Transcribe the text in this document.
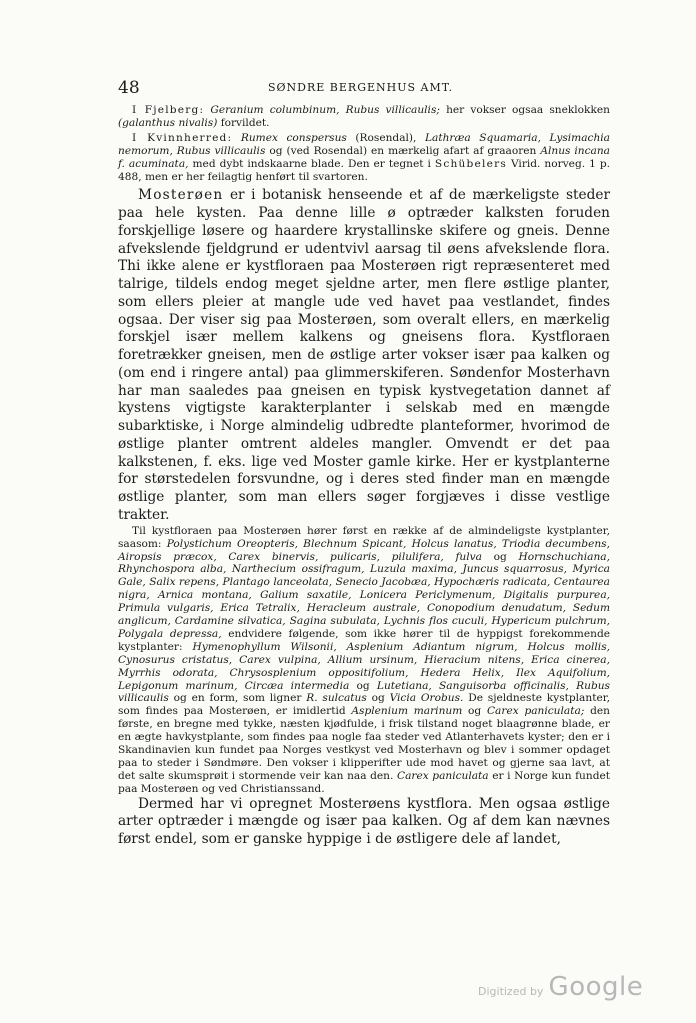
48	SØNDRE BERGENHUS AMT.

I Fjelberg: Geranium columbinum, Rubus villicaulis; her vokser ogsaa sneklokken (galanthus nivalis) forvildet.

I Kvinnherred: Rumex conspersus (Rosendal), Lathræa Squamaria, Lysimachia nemorum, Rubus villicaulis og (ved Rosendal) en mærkelig afart af graaoren Alnus incana f. acuminata, med dybt indskaarne blade. Den er tegnet i Schübelers Virid. norveg. 1 p. 488, men er her feilagtig henført til svartoren.

Mosterøen er i botanisk henseende et af de mærkeligste steder paa hele kysten. Paa denne lille ø optræder kalksten foruden forskjellige løsere og haardere krystallinske skifere og gneis. Denne afvekslende fjeldgrund er udentvivl aarsag til øens afvekslende flora. Thi ikke alene er kystfloraen paa Mosterøen rigt repræsenteret med talrige, tildels endog meget sjeldne arter, men flere østlige planter, som ellers pleier at mangle ude ved havet paa vestlandet, findes ogsaa. Der viser sig paa Mosterøen, som overalt ellers, en mærkelig forskjel især mellem kalkens og gneisens flora. Kystfloraen foretrækker gneisen, men de østlige arter vokser især paa kalken og (om end i ringere antal) paa glimmerskiferen. Søndenfor Mosterhavn har man saaledes paa gneisen en typisk kystvegetation dannet af kystens vigtigste karakterplanter i selskab med en mængde subarktiske, i Norge almindelig udbredte planteformer, hvorimod de østlige planter omtrent aldeles mangler. Omvendt er det paa kalkstenen, f. eks. lige ved Moster gamle kirke. Her er kystplanterne for størstedelen forsvundne, og i deres sted finder man en mængde østlige planter, som man ellers søger forgjæves i disse vestlige trakter.

Til kystfloraen paa Mosterøen hører først en række af de almindeligste kystplanter, saasom: Polystichum Oreopteris, Blechnum Spicant, Holcus lanatus, Triodia decumbens, Airopsis præcox, Carex binervis, pulicaris, pilulifera, fulva og Hornschuchiana, Rhynchospora alba, Narthecium ossifragum, Luzula maxima, Juncus squarrosus, Myrica Gale, Salix repens, Plantago lanceolata, Senecio Jacobæa, Hypochæris radicata, Centaurea nigra, Arnica montana, Galium saxatile, Lonicera Periclymenum, Digitalis purpurea, Primula vulgaris, Erica Tetralix, Heracleum australe, Conopodium denudatum, Sedum anglicum, Cardamine silvatica, Sagina subulata, Lychnis flos cuculi, Hypericum pulchrum, Polygala depressa, endvidere følgende, som ikke hører til de hyppigst forekommende kystplanter: Hymenophyllum Wilsonii, Asplenium Adiantum nigrum, Holcus mollis, Cynosurus cristatus, Carex vulpina, Allium ursinum, Hieracium nitens, Erica cinerea, Myrrhis odorata, Chrysosplenium oppositifolium, Hedera Helix, Ilex Aquifolium, Lepigonum marinum, Circæa intermedia og Lutetiana, Sanguisorba officinalis, Rubus villicaulis og en form, som ligner R. sulcatus og Vicia Orobus. De sjeldneste kystplanter, som findes paa Mosterøen, er imidlertid Asplenium marinum og Carex paniculata; den første, en bregne med tykke, næsten kjødfulde, i frisk tilstand noget blaagrønne blade, er en ægte havkystplante, som findes paa nogle faa steder ved Atlanterhavets kyster; den er i Skandinavien kun fundet paa Norges vestkyst ved Mosterhavn og blev i sommer opdaget paa to steder i Søndmøre. Den vokser i klipperifter ude mod havet og gjerne saa lavt, at det salte skumsprøit i stormende veir kan naa den. Carex paniculata er i Norge kun fundet paa Mosterøen og ved Christianssand.

Dermed har vi opregnet Mosterøens kystflora. Men ogsaa østlige arter optræder i mængde og især paa kalken. Og af dem kan nævnes først endel, som er ganske hyppige i de østligere dele af landet,

Digitized by Google
